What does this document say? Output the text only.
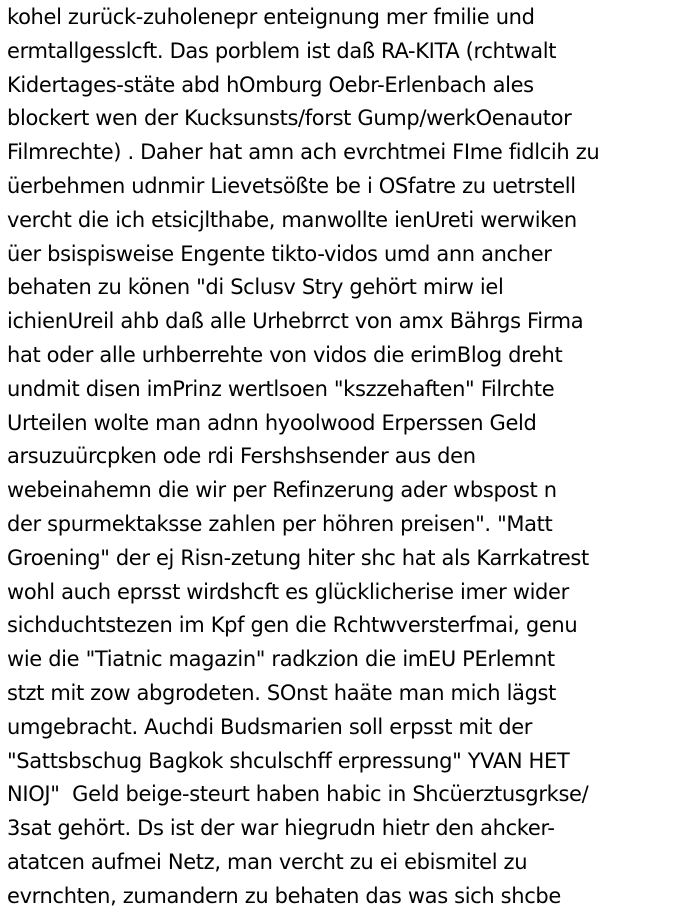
kohel zurück-zuholenepr enteignung mer fmilie und
ermtallgessl​cft. Das porblem ist daß RA-KITA (rchtwalt
Kidertages-stäte abd hOmburg Oebr-Erlenbach ales
blockert wen der Kucksunsts/forst Gump/werkOenautor
Filmrechte) . Daher hat amn ach evrchtmei FIme fidlcih zu
üerbehmen udnmir Lievetsößte be i OSfatre zu uetrstell
vercht die ich etsicjlthabe, manwollte ienUreti werwiken
üer bsispisweise Engente tikto-vidos umd ann ancher
behaten zu könen "di Sclusv Stry gehört mirw iel
ichienUreil ahb daß alle Urhebrrct von amx Bährgs Firma
hat oder alle urhberrehte von vidos die erimBlog dreht
undmit disen imPrinz wertlsoen "kszzehaften" Filrchte
Urteilen wolte man adnn hyoolwood Erperssen Geld
arsuzuürcpken ode rdi Fershshsender aus den
webeinahemn die wir per Refinzerung ader wbspost n
der spurmektaksse zahlen per höhren preisen". "Matt
Groening" der ej Risn-zetung hiter shc hat als Karrkatrest
wohl auch eprsst wirdshcft es glücklicherise imer wider
sichduchtstezen im Kpf gen die Rchtwversterfmai, genu
wie die "Tiatnic magazin" radkzion die imEU PErlemnt
stzt mit zow abgrodeten. SOnst haäte man mich lägst
umgebracht. Auchdi Budsmarien soll erpsst mit der
"Sattsbschug Bagkok shculschff erpressung" YVAN HET
NIOJ"  Geld beige-steurt haben habic in Shcüerztusgrkse/
3sat gehört. Ds ist der war hiegrudn hietr den ahcker-
atatcen aufmei Netz, man vercht zu ei ebismitel zu
evrnchten, zumandern zu behaten das was sich shcbe
